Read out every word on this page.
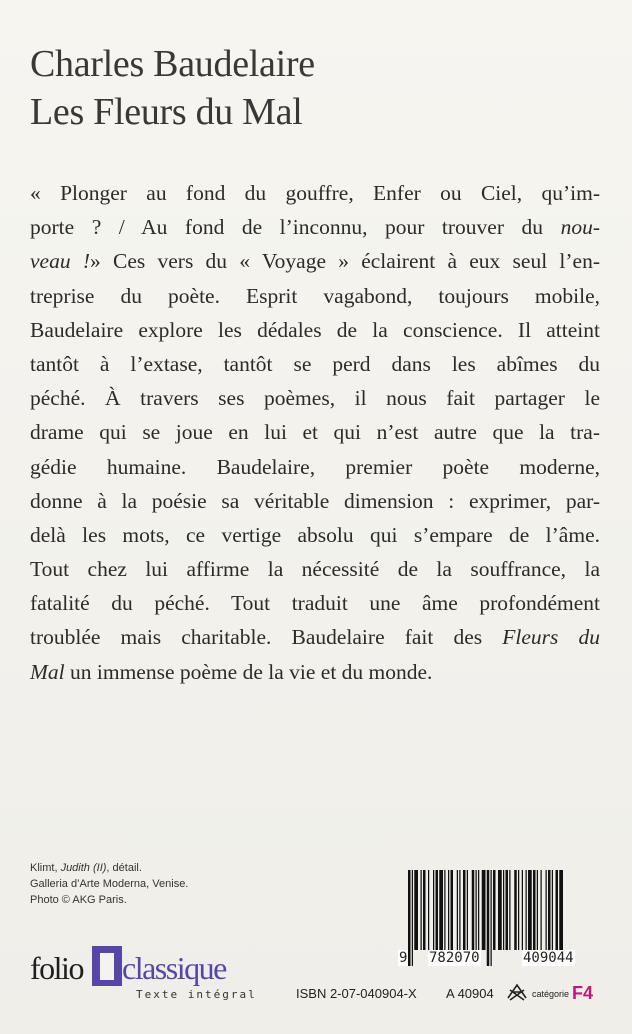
Charles Baudelaire
Les Fleurs du Mal
« Plonger au fond du gouffre, Enfer ou Ciel, qu’im-
porte ? / Au fond de l’inconnu, pour trouver du nou-
veau !» Ces vers du « Voyage » éclairent à eux seul l’en-
treprise du poète. Esprit vagabond, toujours mobile,
Baudelaire explore les dédales de la conscience. Il atteint
tantôt à l’extase, tantôt se perd dans les abîmes du
péché. À travers ses poèmes, il nous fait partager le
drame qui se joue en lui et qui n’est autre que la tra-
gédie humaine. Baudelaire, premier poète moderne,
donne à la poésie sa véritable dimension : exprimer, par-
delà les mots, ce vertige absolu qui s’empare de l’âme.
Tout chez lui affirme la nécessité de la souffrance, la
fatalité du péché. Tout traduit une âme profondément
troublée mais charitable. Baudelaire fait des Fleurs du
Mal un immense poème de la vie et du monde.
Klimt, Judith (II), détail.
Galleria d’Arte Moderna, Venise.
Photo © AKG Paris.
folio classique
Texte intégral
9 782070	409044
ISBN 2-07-040904-X A 40904	catégorie F4
